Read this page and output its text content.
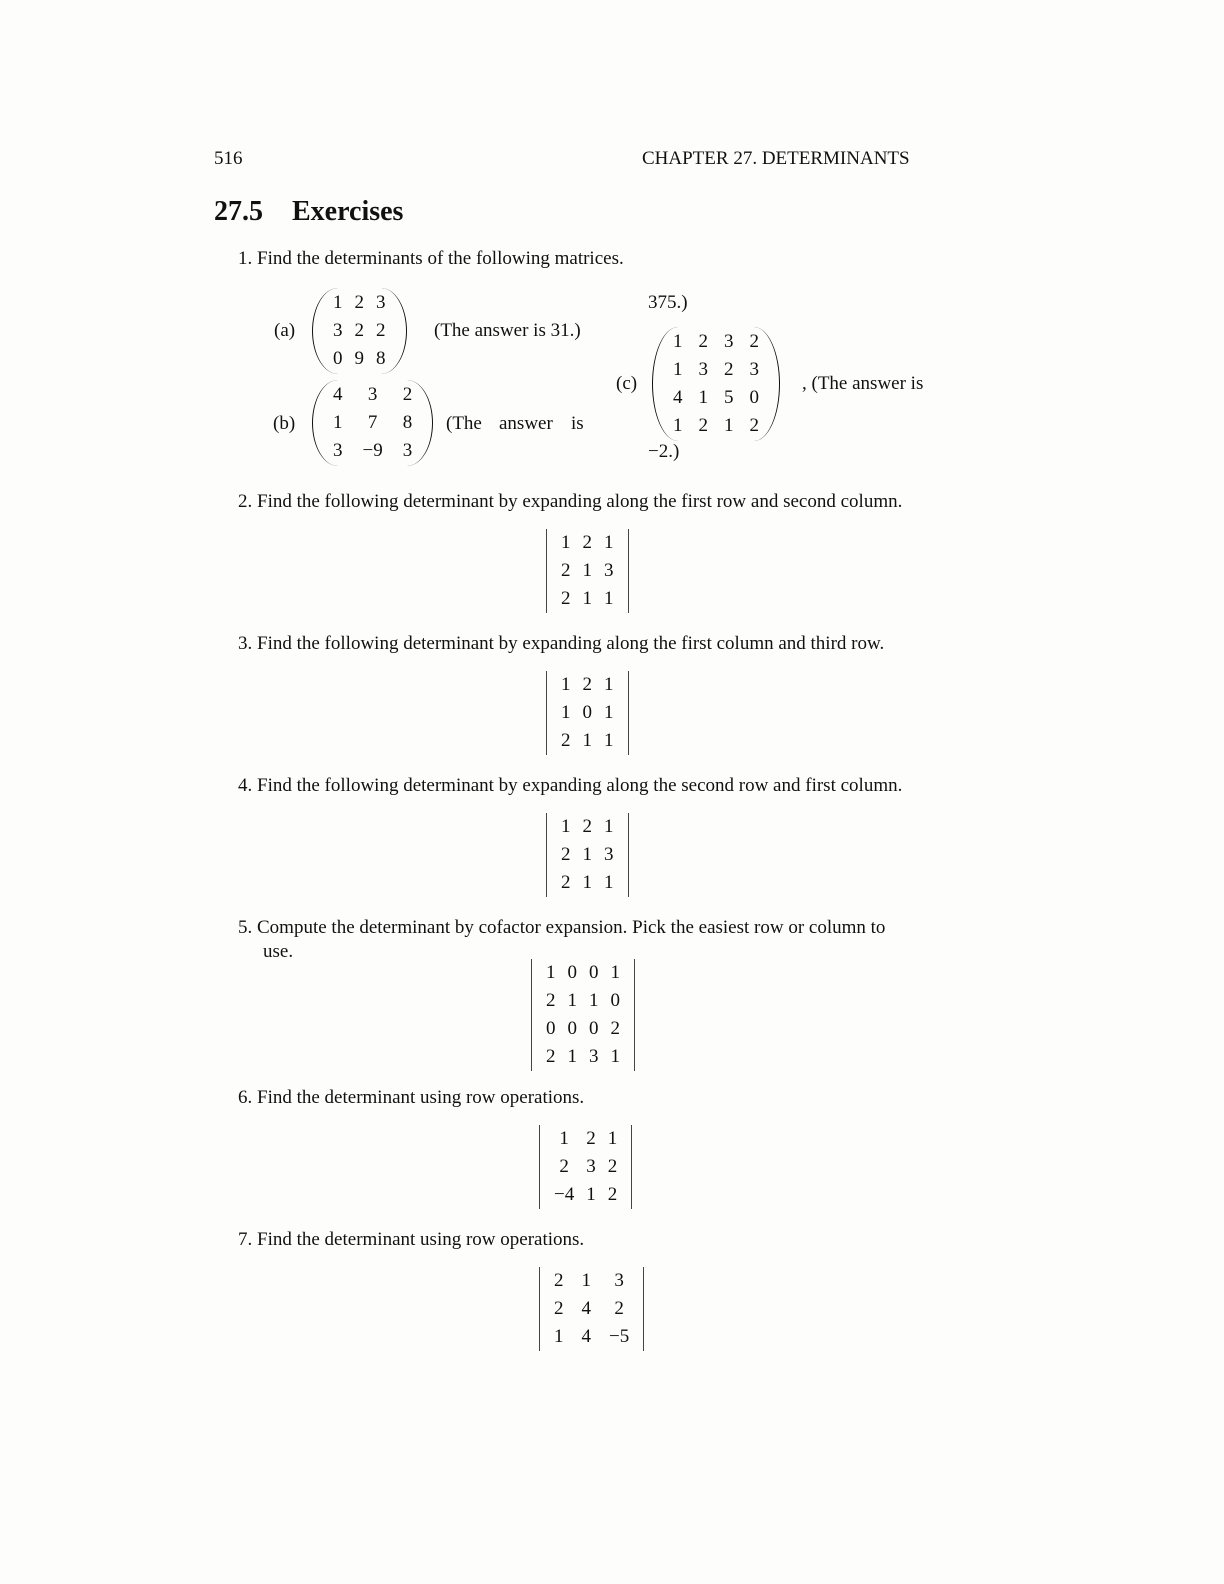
516	CHAPTER 27. DETERMINANTS
27.5 Exercises
1. Find the determinants of the following matrices.
(a)
1 2 3
3 2 2
0 9 8
(The answer is 31.)
(b)
4	3	2
1	7	8
3	−9	3
(The answer is
375.)
(c)
1 2 3 2
1 3 2 3
4 1 5 0
1 2 1 2
, (The answer is
−2.)
2. Find the following determinant by expanding along the first row and second column.
1 2 1
2 1 3
2 1 1
3. Find the following determinant by expanding along the first column and third row.
1 2 1
1 0 1
2 1 1
4. Find the following determinant by expanding along the second row and first column.
1 2 1
2 1 3
2 1 1
5. Compute the determinant by cofactor expansion. Pick the easiest row or column to
use.
1 0 0 1
2 1 1 0
0 0 0 2
2 1 3 1
6. Find the determinant using row operations.
1 2 1
2 3 2
−4 1 2
7. Find the determinant using row operations.
2 1	3
2 4	2
1 4 −5
